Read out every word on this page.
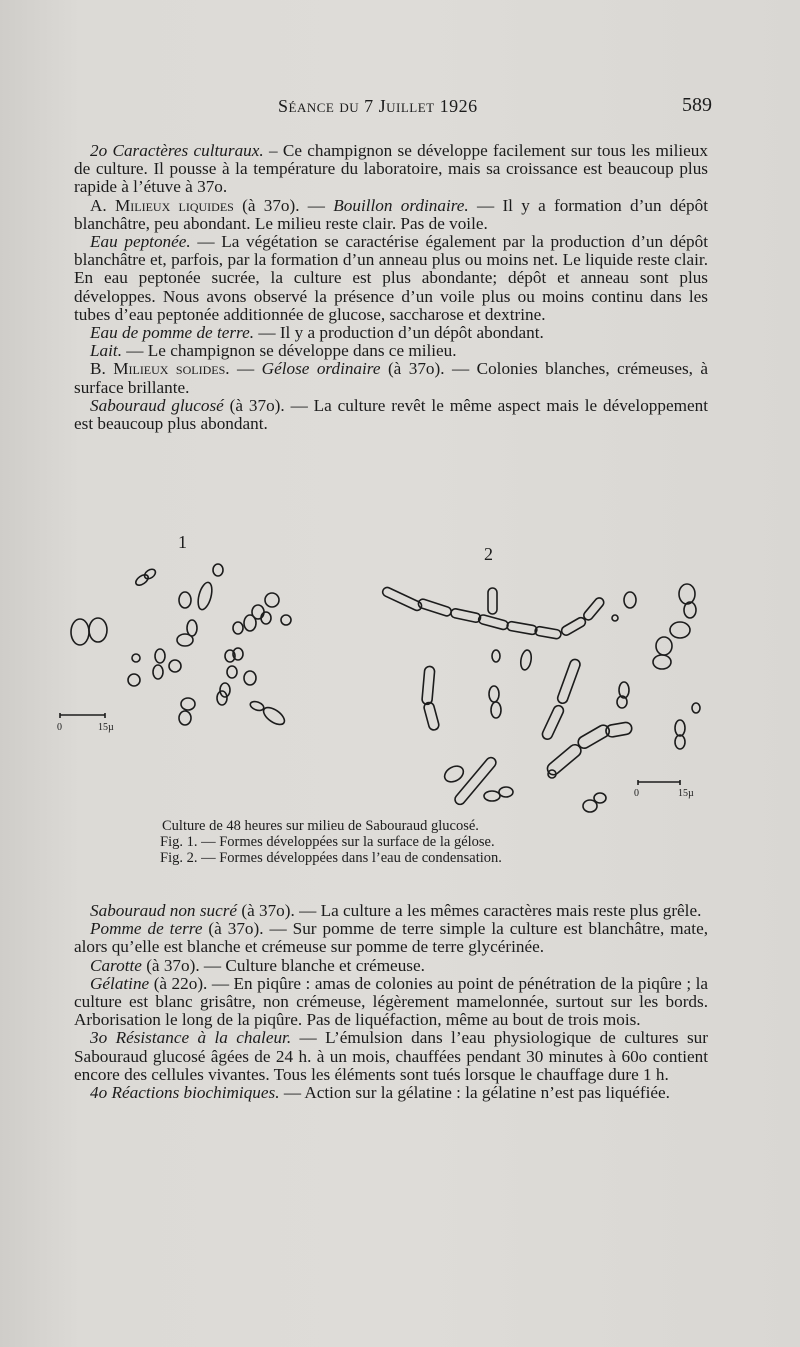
Séance du 7 Juillet 1926	589

2o Caractères culturaux. – Ce champignon se développe facilement sur tous les milieux de culture. Il pousse à la température du laboratoire, mais sa croissance est beaucoup plus rapide à l’étuve à 37o.

A. Milieux liquides (à 37o). — Bouillon ordinaire. — Il y a formation d’un dépôt blanchâtre, peu abondant. Le milieu reste clair. Pas de voile.

Eau peptonée. — La végétation se caractérise également par la production d’un dépôt blanchâtre et, parfois, par la formation d’un anneau plus ou moins net. Le liquide reste clair. En eau peptonée sucrée, la culture est plus abondante; dépôt et anneau sont plus développes. Nous avons observé la présence d’un voile plus ou moins continu dans les tubes d’eau peptonée additionnée de glucose, saccharose et dextrine.

Eau de pomme de terre. — Il y a production d’un dépôt abondant.

Lait. — Le champignon se développe dans ce milieu.

B. Milieux solides. — Gélose ordinaire (à 37o). — Colonies blanches, crémeuses, à surface brillante.

Sabouraud glucosé (à 37o). — La culture revêt le même aspect mais le développement est beaucoup plus abondant.

1
2
0	15µ
0	15µ

Culture de 48 heures sur milieu de Sabouraud glucosé.

Fig. 1. — Formes développées sur la surface de la gélose.

Fig. 2. — Formes développées dans l’eau de condensation.

Sabouraud non sucré (à 37o). — La culture a les mêmes caractères mais reste plus grêle.

Pomme de terre (à 37o). — Sur pomme de terre simple la culture est blanchâtre, mate, alors qu’elle est blanche et crémeuse sur pomme de terre glycérinée.

Carotte (à 37o). — Culture blanche et crémeuse.

Gélatine (à 22o). — En piqûre : amas de colonies au point de pénétration de la piqûre ; la culture est blanc grisâtre, non crémeuse, légèrement mamelonnée, surtout sur les bords. Arborisation le long de la piqûre. Pas de liquéfaction, même au bout de trois mois.

3o Résistance à la chaleur. — L’émulsion dans l’eau physiologique de cultures sur Sabouraud glucosé âgées de 24 h. à un mois, chauffées pendant 30 minutes à 60o contient encore des cellules vivantes. Tous les éléments sont tués lorsque le chauffage dure 1 h.

4o Réactions biochimiques. — Action sur la gélatine : la gélatine n’est pas liquéfiée.
